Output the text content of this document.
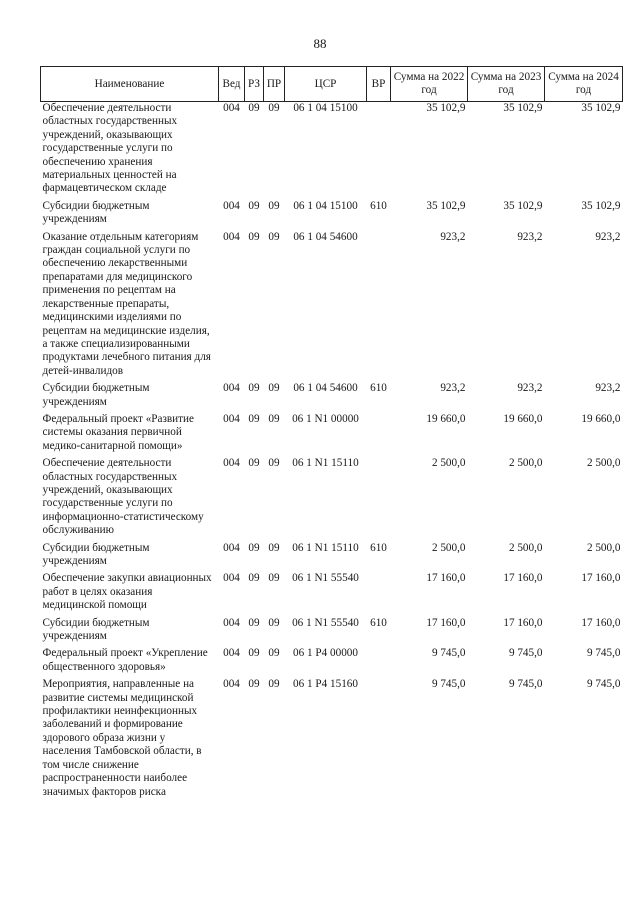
88
Наименование	Вед	РЗ	ПР	ЦСР	ВР	Сумма на 2022 год	Сумма на 2023 год	Сумма на 2024 год
Обеспечение деятельности областных государственных учреждений, оказывающих государственные услуги по обеспечению хранения материальных ценностей на фармацевтическом складе	004	09	09	06 1 04 15100		35 102,9	35 102,9	35 102,9
Субсидии бюджетным учреждениям	004	09	09	06 1 04 15100	610	35 102,9	35 102,9	35 102,9
Оказание отдельным категориям граждан социальной услуги по обеспечению лекарственными препаратами для медицинского применения по рецептам на лекарственные препараты, медицинскими изделиями по рецептам на медицинские изделия, а также специализированными продуктами лечебного питания для детей-инвалидов	004	09	09	06 1 04 54600		923,2	923,2	923,2
Субсидии бюджетным учреждениям	004	09	09	06 1 04 54600	610	923,2	923,2	923,2
Федеральный проект «Развитие системы оказания первичной медико-санитарной помощи»	004	09	09	06 1 N1 00000		19 660,0	19 660,0	19 660,0
Обеспечение деятельности областных государственных учреждений, оказывающих государственные услуги по информационно-статистическому обслуживанию	004	09	09	06 1 N1 15110		2 500,0	2 500,0	2 500,0
Субсидии бюджетным учреждениям	004	09	09	06 1 N1 15110	610	2 500,0	2 500,0	2 500,0
Обеспечение закупки авиационных работ в целях оказания медицинской помощи	004	09	09	06 1 N1 55540		17 160,0	17 160,0	17 160,0
Субсидии бюджетным учреждениям	004	09	09	06 1 N1 55540	610	17 160,0	17 160,0	17 160,0
Федеральный проект «Укрепление общественного здоровья»	004	09	09	06 1 P4 00000		9 745,0	9 745,0	9 745,0
Мероприятия, направленные на развитие системы медицинской профилактики неинфекционных заболеваний и формирование здорового образа жизни у населения Тамбовской области, в том числе снижение распространенности наиболее значимых факторов риска	004	09	09	06 1 P4 15160		9 745,0	9 745,0	9 745,0
